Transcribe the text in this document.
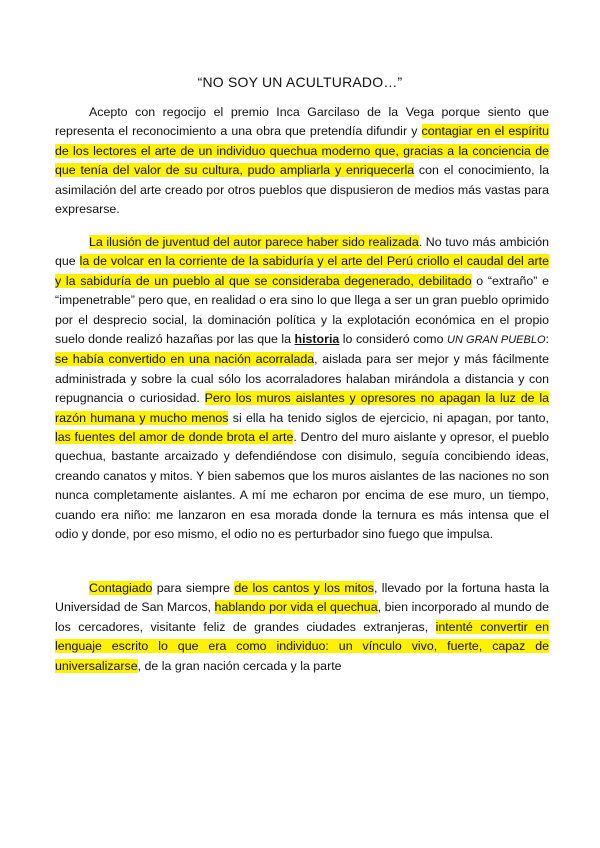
“NO SOY UN ACULTURADO…”

Acepto con regocijo el premio Inca Garcilaso de la Vega porque siento que representa el reconocimiento a una obra que pretendía difundir y contagiar en el espíritu de los lectores el arte de un individuo quechua moderno que, gracias a la conciencia de que tenía del valor de su cultura, pudo ampliarla y enriquecerla con el conocimiento, la asimilación del arte creado por otros pueblos que dispusieron de medios más vastas para expresarse.

La ilusión de juventud del autor parece haber sido realizada. No tuvo más ambición que la de volcar en la corriente de la sabiduría y el arte del Perú criollo el caudal del arte y la sabiduría de un pueblo al que se consideraba degenerado, debilitado o “extraño” e “impenetrable” pero que, en realidad o era sino lo que llega a ser un gran pueblo oprimido por el desprecio social, la dominación política y la explotación económica en el propio suelo donde realizó hazañas por las que la historia lo consideró como UN GRAN PUEBLO: se había convertido en una nación acorralada, aislada para ser mejor y más fácilmente administrada y sobre la cual sólo los acorraladores halaban mirándola a distancia y con repugnancia o curiosidad. Pero los muros aislantes y opresores no apagan la luz de la razón humana y mucho menos si ella ha tenido siglos de ejercicio, ni apagan, por tanto, las fuentes del amor de donde brota el arte. Dentro del muro aislante y opresor, el pueblo quechua, bastante arcaizado y defendiéndose con disimulo, seguía concibiendo ideas, creando canatos y mitos. Y bien sabemos que los muros aislantes de las naciones no son nunca completamente aislantes. A mí me echaron por encima de ese muro, un tiempo, cuando era niño: me lanzaron en esa morada donde la ternura es más intensa que el odio y donde, por eso mismo, el odio no es perturbador sino fuego que impulsa.

Contagiado para siempre de los cantos y los mitos, llevado por la fortuna hasta la Universidad de San Marcos, hablando por vida el quechua, bien incorporado al mundo de los cercadores, visitante feliz de grandes ciudades extranjeras, intenté convertir en lenguaje escrito lo que era como individuo: un vínculo vivo, fuerte, capaz de universalizarse, de la gran nación cercada y la parte
